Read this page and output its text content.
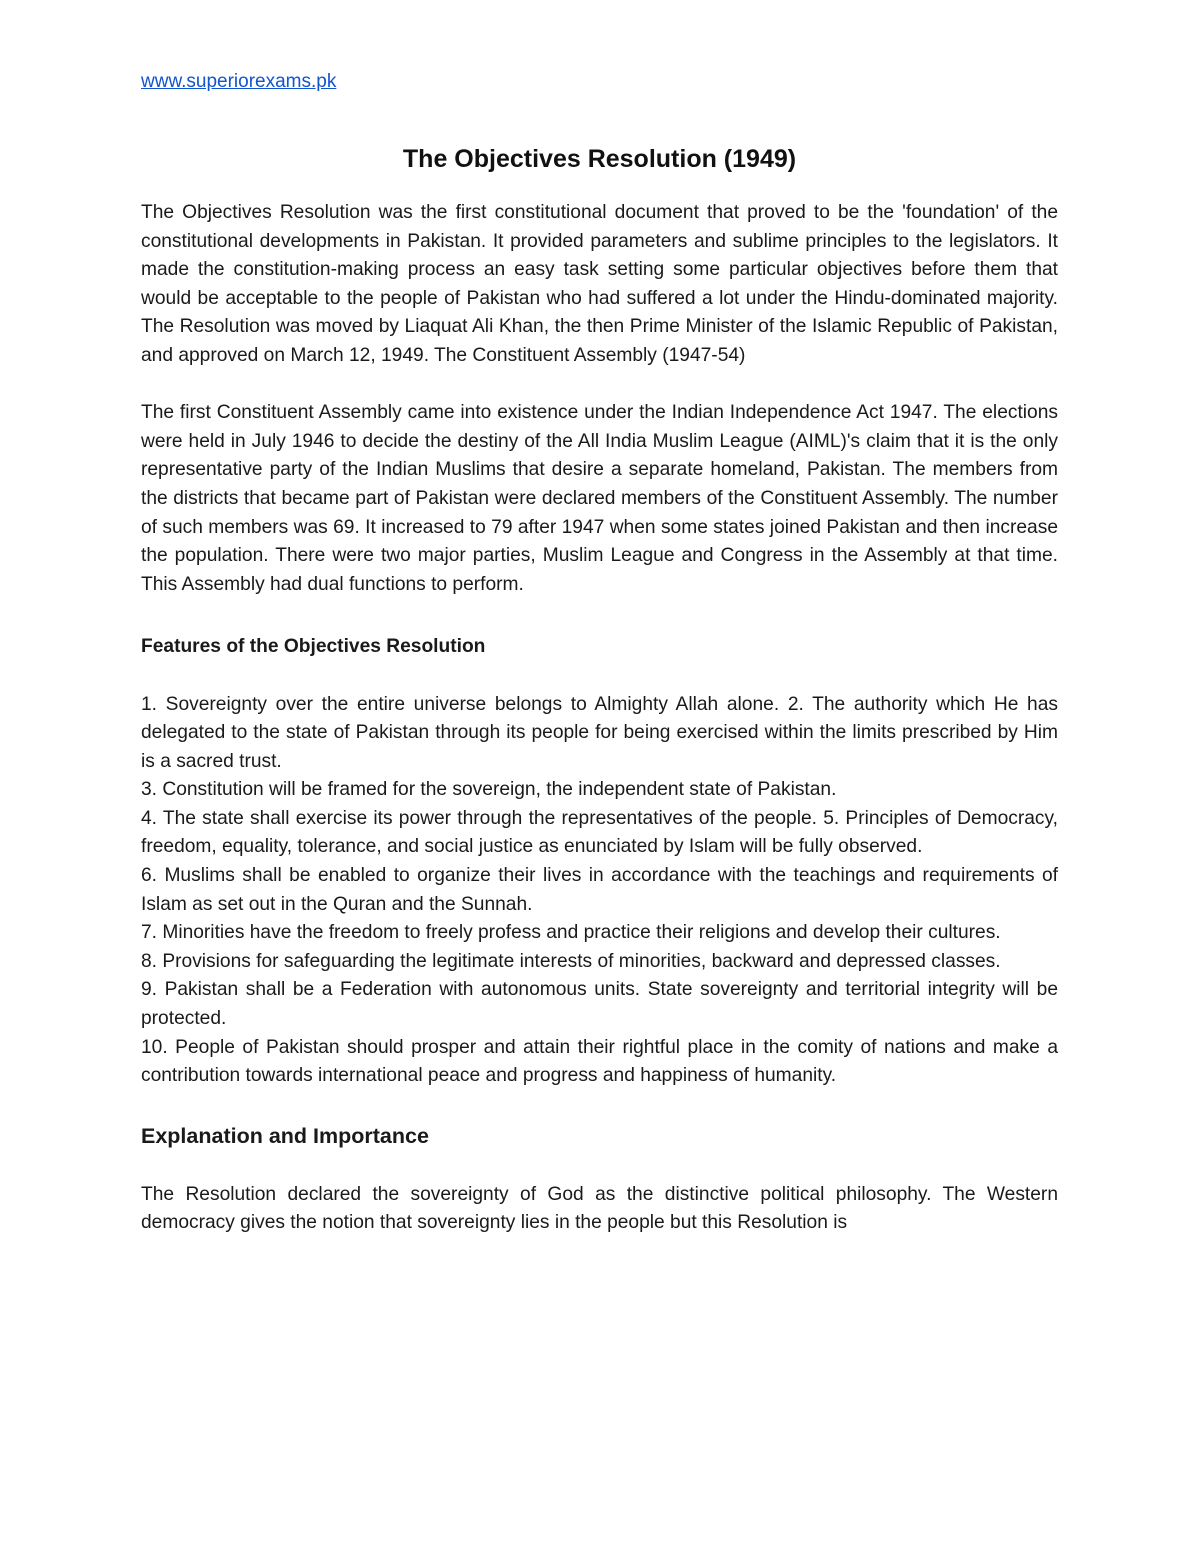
www.superiorexams.pk
The Objectives Resolution (1949)

The Objectives Resolution was the first constitutional document that proved to be the 'foundation' of the constitutional developments in Pakistan. It provided parameters and sublime principles to the legislators. It made the constitution-making process an easy task setting some particular objectives before them that would be acceptable to the people of Pakistan who had suffered a lot under the Hindu-dominated majority. The Resolution was moved by Liaquat Ali Khan, the then Prime Minister of the Islamic Republic of Pakistan, and approved on March 12, 1949. The Constituent Assembly (1947-54)

The first Constituent Assembly came into existence under the Indian Independence Act 1947. The elections were held in July 1946 to decide the destiny of the All India Muslim League (AIML)'s claim that it is the only representative party of the Indian Muslims that desire a separate homeland, Pakistan. The members from the districts that became part of Pakistan were declared members of the Constituent Assembly. The number of such members was 69. It increased to 79 after 1947 when some states joined Pakistan and then increase the population. There were two major parties, Muslim League and Congress in the Assembly at that time. This Assembly had dual functions to perform.

Features of the Objectives Resolution

1. Sovereignty over the entire universe belongs to Almighty Allah alone. 2. The authority which He has delegated to the state of Pakistan through its people for being exercised within the limits prescribed by Him is a sacred trust.

3. Constitution will be framed for the sovereign, the independent state of Pakistan.

4. The state shall exercise its power through the representatives of the people. 5. Principles of Democracy, freedom, equality, tolerance, and social justice as enunciated by Islam will be fully observed.

6. Muslims shall be enabled to organize their lives in accordance with the teachings and requirements of Islam as set out in the Quran and the Sunnah.

7. Minorities have the freedom to freely profess and practice their religions and develop their cultures.

8. Provisions for safeguarding the legitimate interests of minorities, backward and depressed classes.

9. Pakistan shall be a Federation with autonomous units. State sovereignty and territorial integrity will be protected.

10. People of Pakistan should prosper and attain their rightful place in the comity of nations and make a contribution towards international peace and progress and happiness of humanity.

Explanation and Importance

The Resolution declared the sovereignty of God as the distinctive political philosophy. The Western democracy gives the notion that sovereignty lies in the people but this Resolution is
